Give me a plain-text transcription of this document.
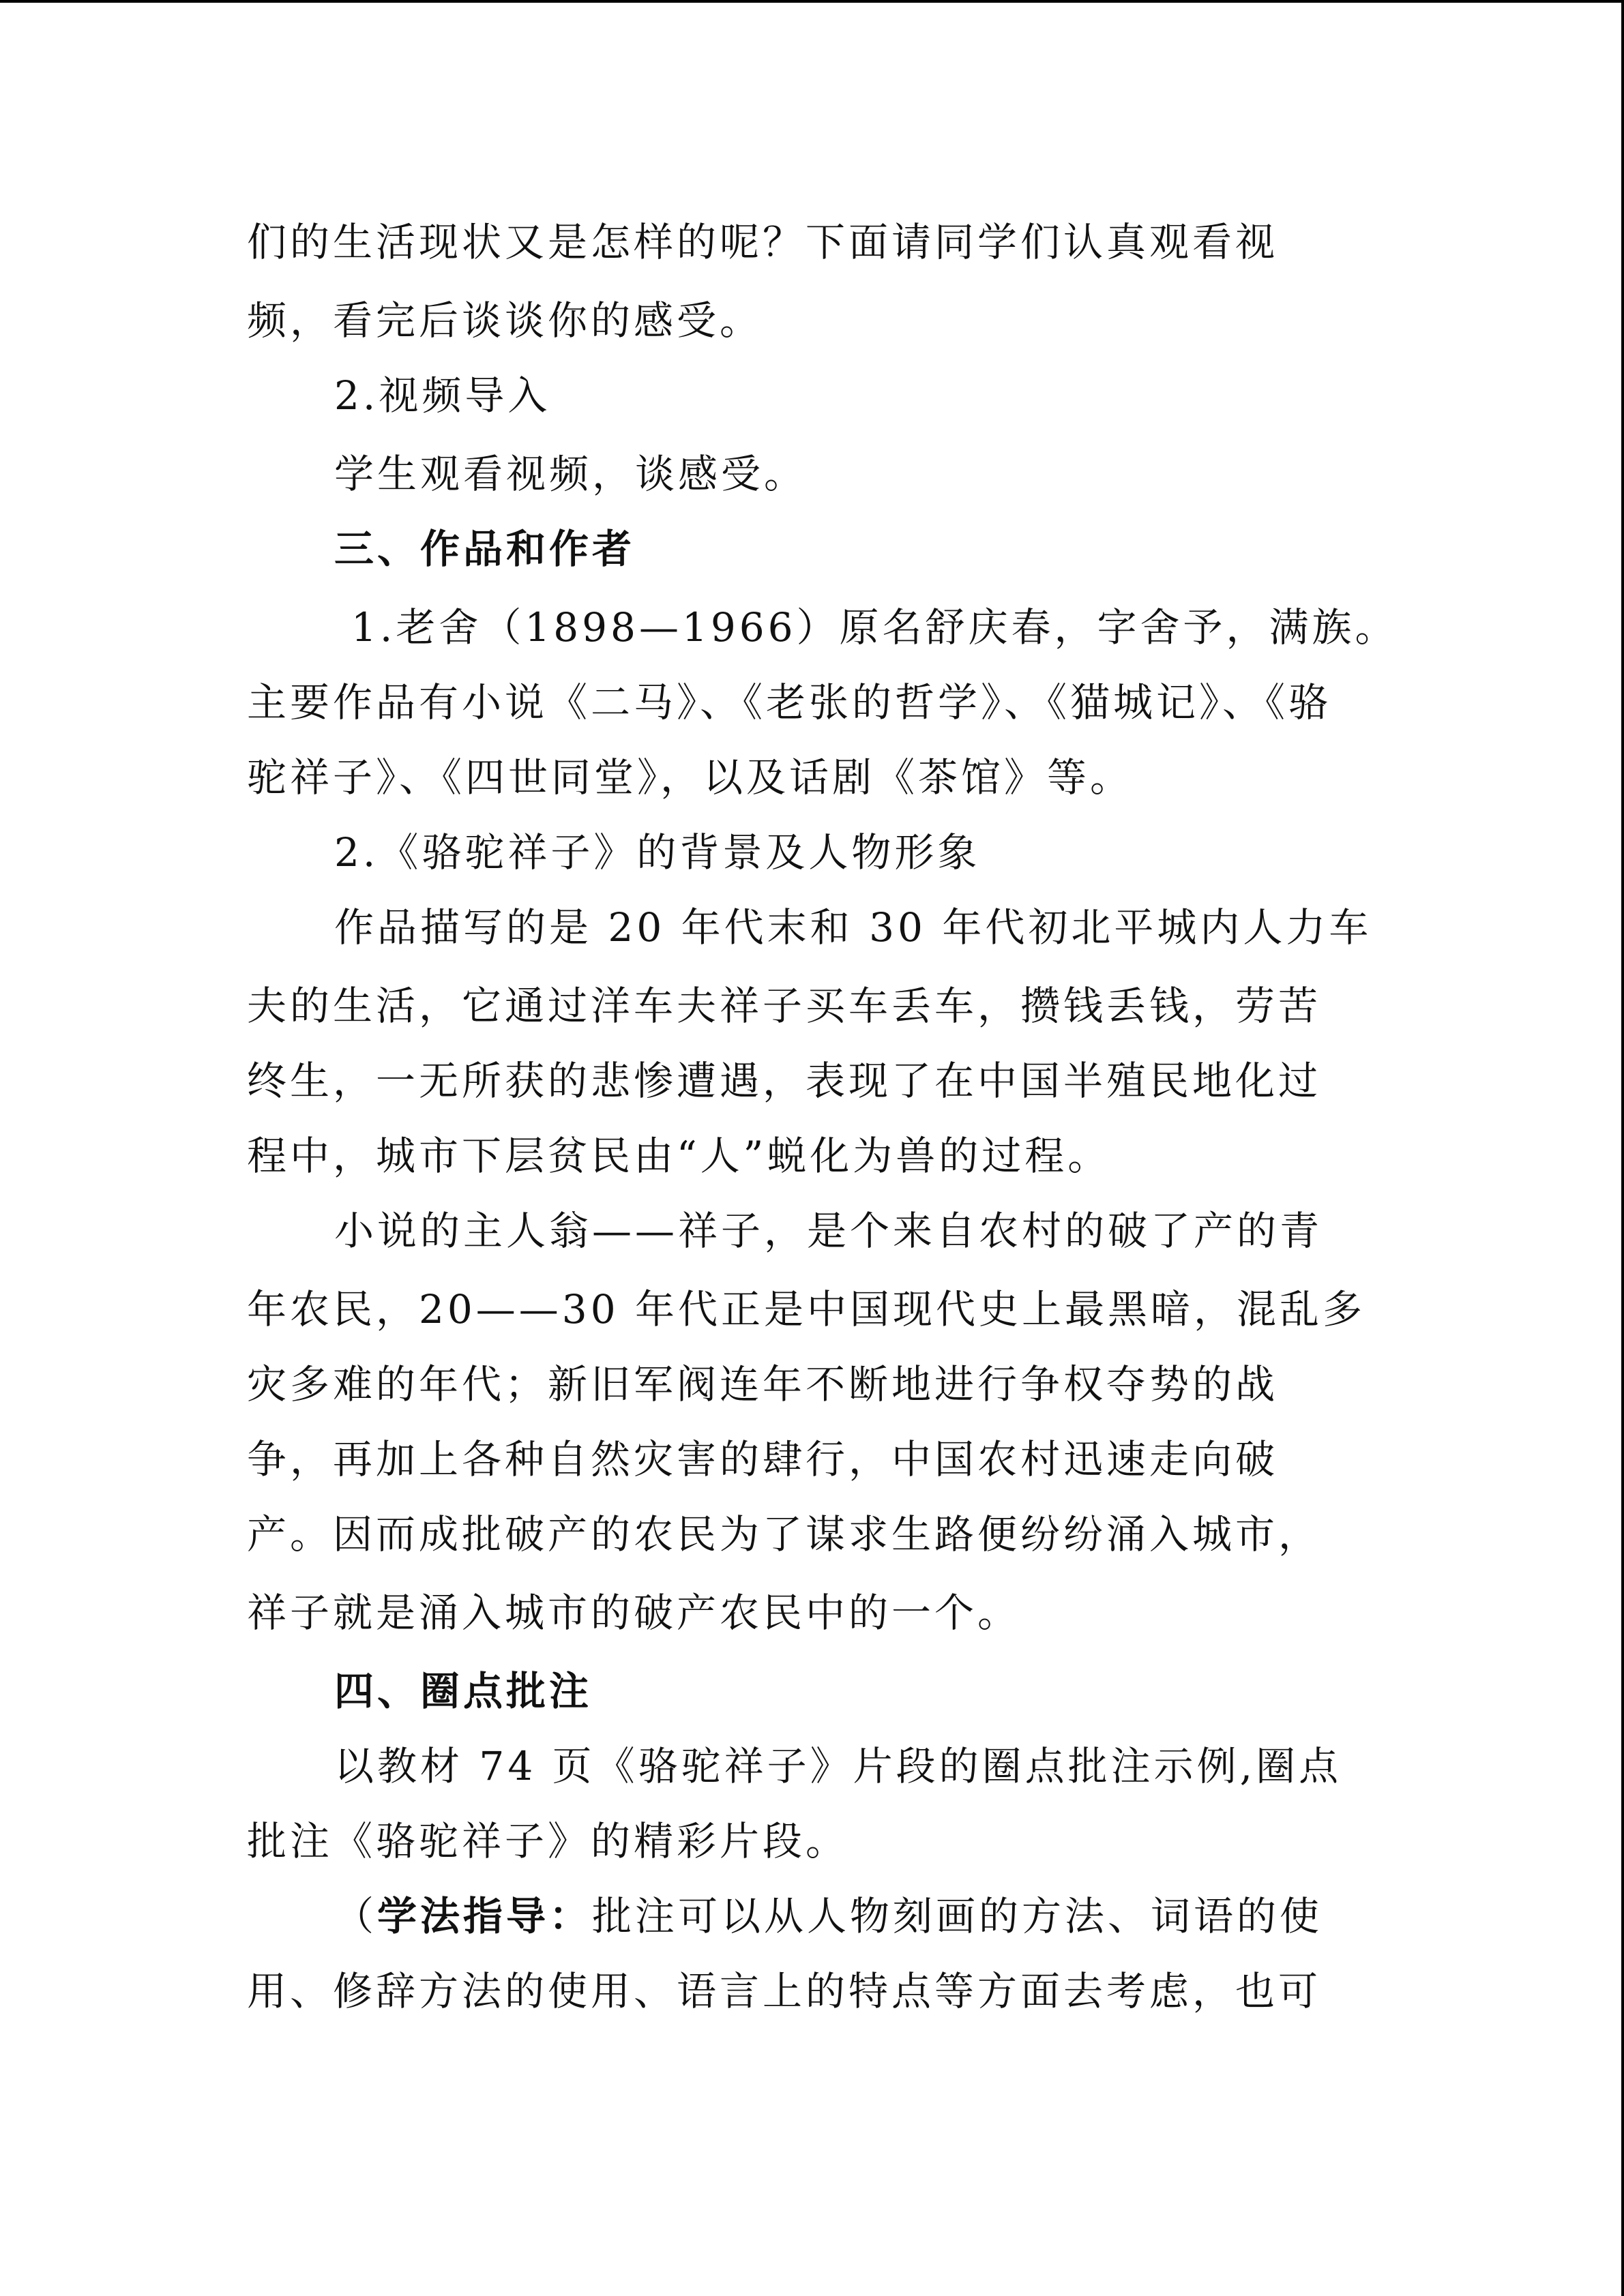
们的生活现状又是怎样的呢？下面请同学们认真观看视
频，看完后谈谈你的感受。
2.视频导入
学生观看视频，谈感受。
三、作品和作者
1.老舍（1898—1966）原名舒庆春，字舍予，满族。
主要作品有小说《二马》、《老张的哲学》、《猫城记》、《骆
驼祥子》、《四世同堂》，以及话剧《茶馆》等。
2.《骆驼祥子》的背景及人物形象
作品描写的是 20 年代末和 30 年代初北平城内人力车
夫的生活，它通过洋车夫祥子买车丢车，攒钱丢钱，劳苦
终生，一无所获的悲惨遭遇，表现了在中国半殖民地化过
程中，城市下层贫民由“人”蜕化为兽的过程。
小说的主人翁——祥子，是个来自农村的破了产的青
年农民，20——30 年代正是中国现代史上最黑暗，混乱多
灾多难的年代；新旧军阀连年不断地进行争权夺势的战
争，再加上各种自然灾害的肆行，中国农村迅速走向破
产。因而成批破产的农民为了谋求生路便纷纷涌入城市，
祥子就是涌入城市的破产农民中的一个。
四、圈点批注
以教材 74 页《骆驼祥子》片段的圈点批注示例,圈点
批注《骆驼祥子》的精彩片段。
（学法指导：批注可以从人物刻画的方法、词语的使
用、修辞方法的使用、语言上的特点等方面去考虑，也可
